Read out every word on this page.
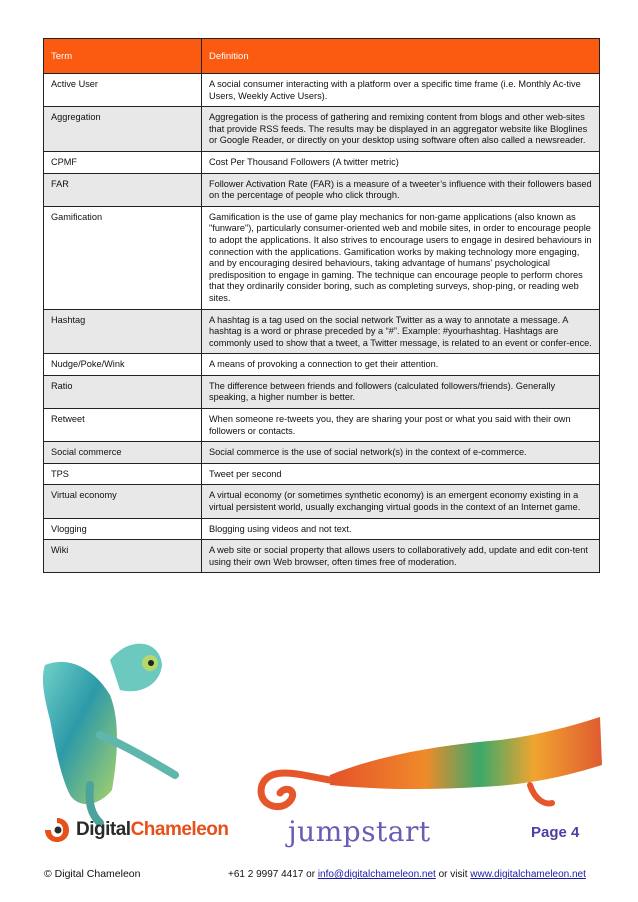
Term	Definition
Active User	A social consumer interacting with a platform over a specific time frame (i.e. Monthly Ac-tive Users, Weekly Active Users).
Aggregation	Aggregation is the process of gathering and remixing content from blogs and other web-sites that provide RSS feeds. The results may be displayed in an aggregator website like Bloglines or Google Reader, or directly on your desktop using software often also called a newsreader.
CPMF	Cost Per Thousand Followers (A twitter metric)
FAR	Follower Activation Rate (FAR) is a measure of a tweeter’s influence with their followers based on the percentage of people who click through.
Gamification	Gamification is the use of game play mechanics for non-game applications (also known as "funware"), particularly consumer-oriented web and mobile sites, in order to encourage people to adopt the applications. It also strives to encourage users to engage in desired behaviours in connection with the applications. Gamification works by making technology more engaging, and by encouraging desired behaviours, taking advantage of humans' psychological predisposition to engage in gaming. The technique can encourage people to perform chores that they ordinarily consider boring, such as completing surveys, shop-ping, or reading web sites.
Hashtag	A hashtag is a tag used on the social network Twitter as a way to annotate a message. A hashtag is a word or phrase preceded by a “#”. Example: #yourhashtag. Hashtags are commonly used to show that a tweet, a Twitter message, is related to an event or confer-ence.
Nudge/Poke/Wink	A means of provoking a connection to get their attention.
Ratio	The difference between friends and followers (calculated followers/friends). Generally speaking, a higher number is better.
Retweet	When someone re-tweets you, they are sharing your post or what you said with their own followers or contacts.
Social commerce	Social commerce is the use of social network(s) in the context of e-commerce.
TPS	Tweet per second
Virtual economy	A virtual economy (or sometimes synthetic economy) is an emergent economy existing in a virtual persistent world, usually exchanging virtual goods in the context of an Internet game.
Vlogging	Blogging using videos and not text.
Wiki	A web site or social property that allows users to collaboratively add, update and edit con-tent using their own Web browser, often times free of moderation.
DigitalChameleon jumpstart	Page 4
© Digital Chameleon	+61 2 9997 4417 or info@digitalchameleon.net or visit www.digitalchameleon.net
